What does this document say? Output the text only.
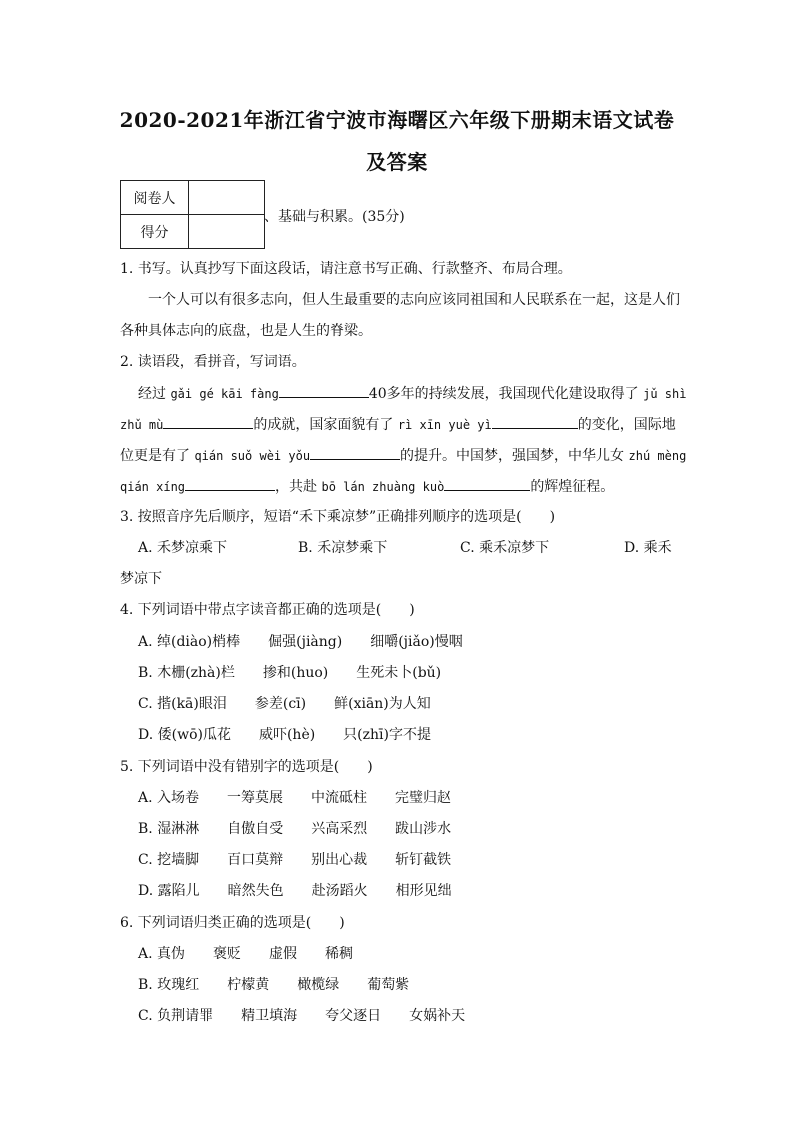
2020-2021年浙江省宁波市海曙区六年级下册期末语文试卷
及答案
阅卷人	
得分	
、基础与积累。(35分)
1. 书写。认真抄写下面这段话，请注意书写正确、行款整齐、布局合理。
一个人可以有很多志向，但人生最重要的志向应该同祖国和人民联系在一起，这是人们
各种具体志向的底盘，也是人生的脊梁。
2. 读语段，看拼音，写词语。
经过 gǎi gé kāi fàng	40多年的持续发展，我国现代化建设取得了 jǔ shì
zhǔ mù	的成就，国家面貌有了 rì xīn yuè yì	的变化，国际地
位更是有了 qián suǒ wèi yǒu	的提升。中国梦，强国梦，中华儿女 zhú mèng
qián xíng	，共赴 bō lán zhuàng kuò	的辉煌征程。
3. 按照音序先后顺序，短语“禾下乘凉梦”正确排列顺序的选项是(　　)
A. 禾梦凉乘下	B. 禾凉梦乘下	C. 乘禾凉梦下	D. 乘禾
梦凉下
4. 下列词语中带点字读音都正确的选项是(　　)
A. 绰(diào)梢棒　　倔强(jiàng)　　细嚼(jiǎo)慢咽
B. 木栅(zhà)栏　　掺和(huo)　　生死未卜(bǔ)
C. 揩(kā)眼泪　　参差(cī)　　鲜(xiān)为人知
D. 倭(wō)瓜花　　威吓(hè)　　只(zhī)字不提
5. 下列词语中没有错别字的选项是(　　)
A. 入场卷　　一筹莫展　　中流砥柱　　完璧归赵
B. 湿淋淋　　自傲自受　　兴高采烈　　跋山涉水
C. 挖墙脚　　百口莫辩　　别出心裁　　斩钉截铁
D. 露陷儿　　暗然失色　　赴汤蹈火　　相形见绌
6. 下列词语归类正确的选项是(　　)
A. 真伪　　褒贬　　虚假　　稀稠
B. 玫瑰红　　柠檬黄　　橄榄绿　　葡萄紫
C. 负荆请罪　　精卫填海　　夸父逐日　　女娲补天
